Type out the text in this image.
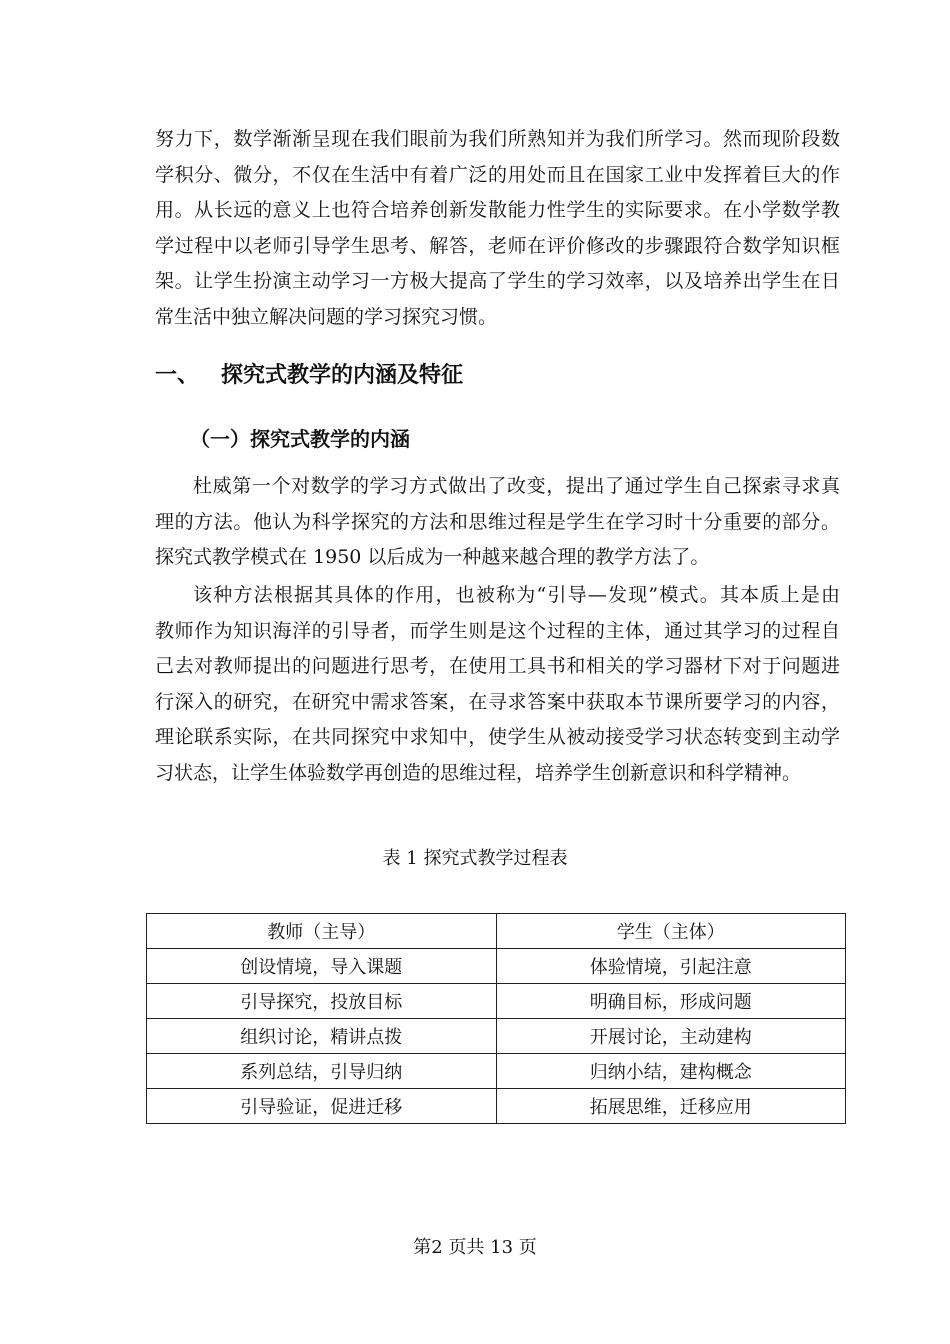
努力下，数学渐渐呈现在我们眼前为我们所熟知并为我们所学习。然而现阶段数
学积分、微分，不仅在生活中有着广泛的用处而且在国家工业中发挥着巨大的作
用。从长远的意义上也符合培养创新发散能力性学生的实际要求。在小学数学教
学过程中以老师引导学生思考、解答，老师在评价修改的步骤跟符合数学知识框
架。让学生扮演主动学习一方极大提高了学生的学习效率，以及培养出学生在日
常生活中独立解决问题的学习探究习惯。
一、 探究式教学的内涵及特征
（一）探究式教学的内涵
杜威第一个对数学的学习方式做出了改变，提出了通过学生自己探索寻求真
理的方法。他认为科学探究的方法和思维过程是学生在学习时十分重要的部分。
探究式教学模式在 1950 以后成为一种越来越合理的教学方法了。
该种方法根据其具体的作用，也被称为“引导—发现”模式。其本质上是由
教师作为知识海洋的引导者，而学生则是这个过程的主体，通过其学习的过程自
己去对教师提出的问题进行思考，在使用工具书和相关的学习器材下对于问题进
行深入的研究，在研究中需求答案，在寻求答案中获取本节课所要学习的内容，
理论联系实际，在共同探究中求知中，使学生从被动接受学习状态转变到主动学
习状态，让学生体验数学再创造的思维过程，培养学生创新意识和科学精神。
表 1 探究式教学过程表
教师（主导）	学生（主体）
创设情境，导入课题	体验情境，引起注意
引导探究，投放目标	明确目标，形成问题
组织讨论，精讲点拨	开展讨论，主动建构
系列总结，引导归纳	归纳小结，建构概念
引导验证，促进迁移	拓展思维，迁移应用
第2 页共 13 页
